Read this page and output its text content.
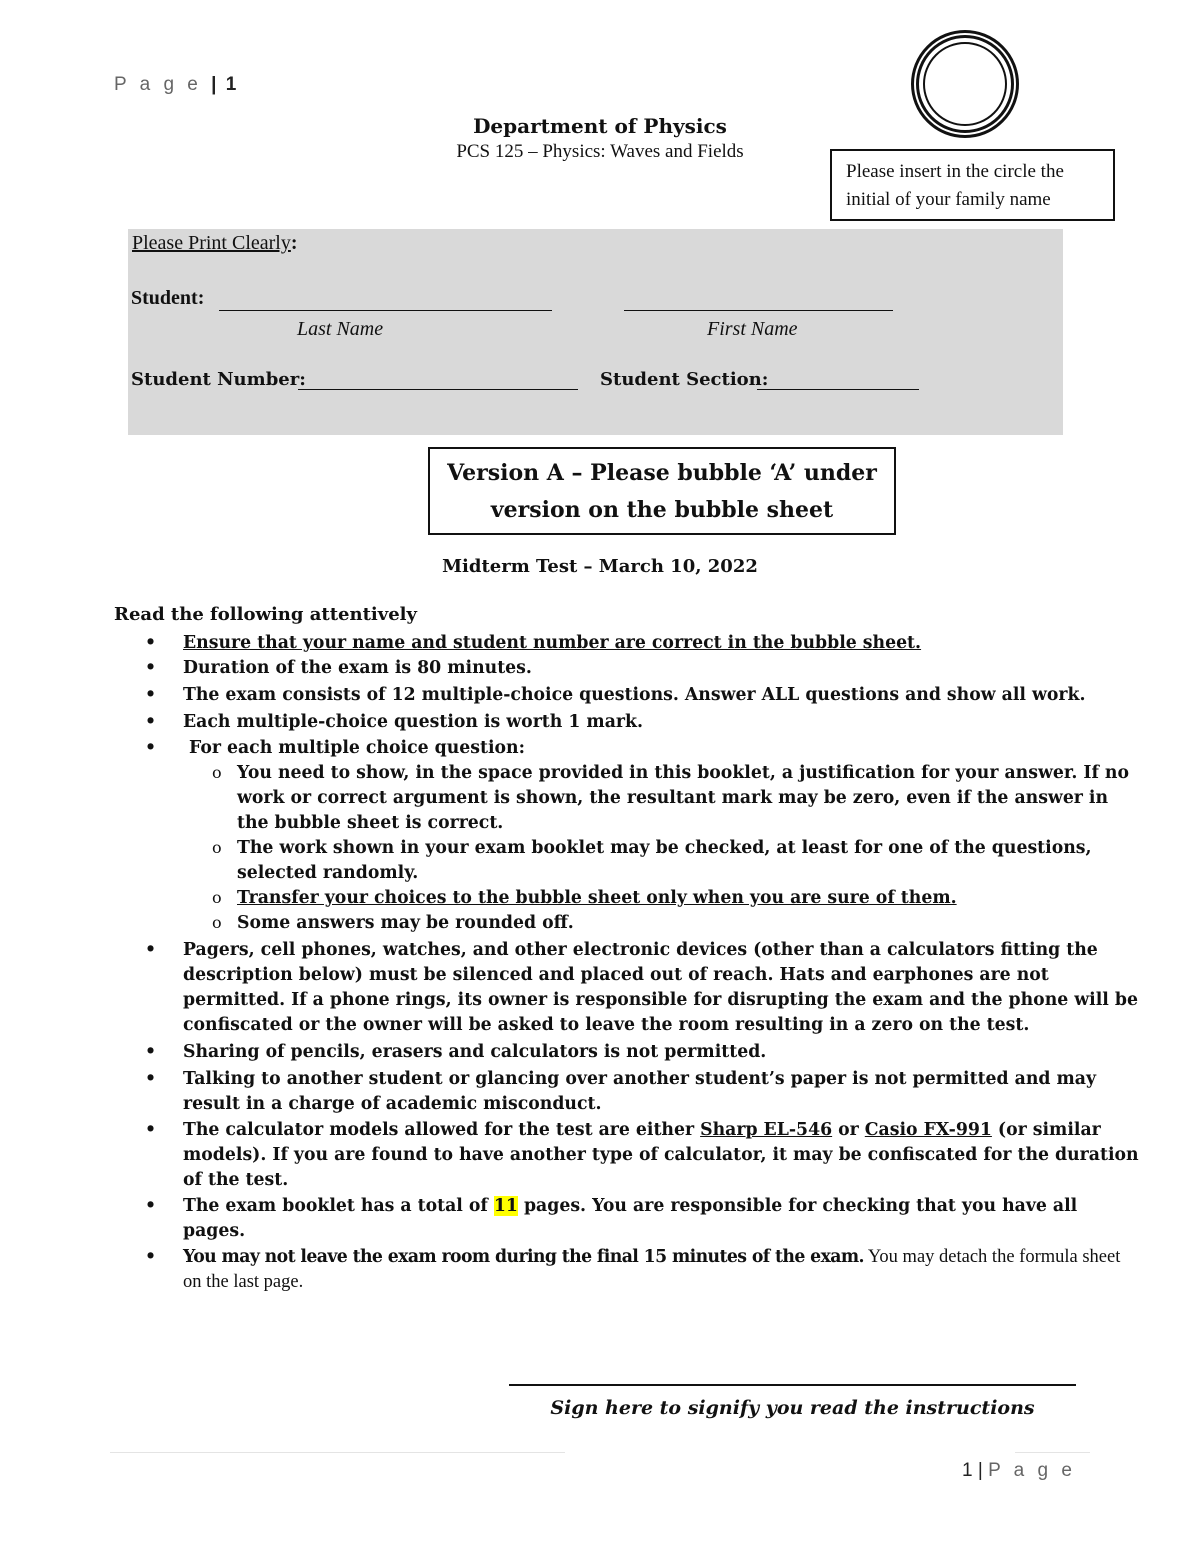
P a g e | 1
Department of Physics
PCS 125 – Physics: Waves and Fields
Please insert in the circle the
initial of your family name
Please Print Clearly:
Student:
Last Name	First Name
Student Number:	Student Section:
Version A – Please bubble ‘A’ under
version on the bubble sheet
Midterm Test – March 10, 2022
Read the following attentively
• Ensure that your name and student number are correct in the bubble sheet.
• Duration of the exam is 80 minutes.
• The exam consists of 12 multiple-choice questions. Answer ALL questions and show all work.
• Each multiple-choice question is worth 1 mark.
• For each multiple choice question:
o You need to show, in the space provided in this booklet, a justification for your answer. If no work or correct argument is shown, the resultant mark may be zero, even if the answer in the bubble sheet is correct.
o The work shown in your exam booklet may be checked, at least for one of the questions, selected randomly.
o Transfer your choices to the bubble sheet only when you are sure of them.
o Some answers may be rounded off.
• Pagers, cell phones, watches, and other electronic devices (other than a calculators fitting the description below) must be silenced and placed out of reach. Hats and earphones are not permitted. If a phone rings, its owner is responsible for disrupting the exam and the phone will be confiscated or the owner will be asked to leave the room resulting in a zero on the test.
• Sharing of pencils, erasers and calculators is not permitted.
• Talking to another student or glancing over another student’s paper is not permitted and may result in a charge of academic misconduct.
• The calculator models allowed for the test are either Sharp EL-546 or Casio FX-991 (or similar models). If you are found to have another type of calculator, it may be confiscated for the duration of the test.
• The exam booklet has a total of 11 pages. You are responsible for checking that you have all pages.
• You may not leave the exam room during the final 15 minutes of the exam. You may detach the formula sheet on the last page.
Sign here to signify you read the instructions
1 | P a g e
